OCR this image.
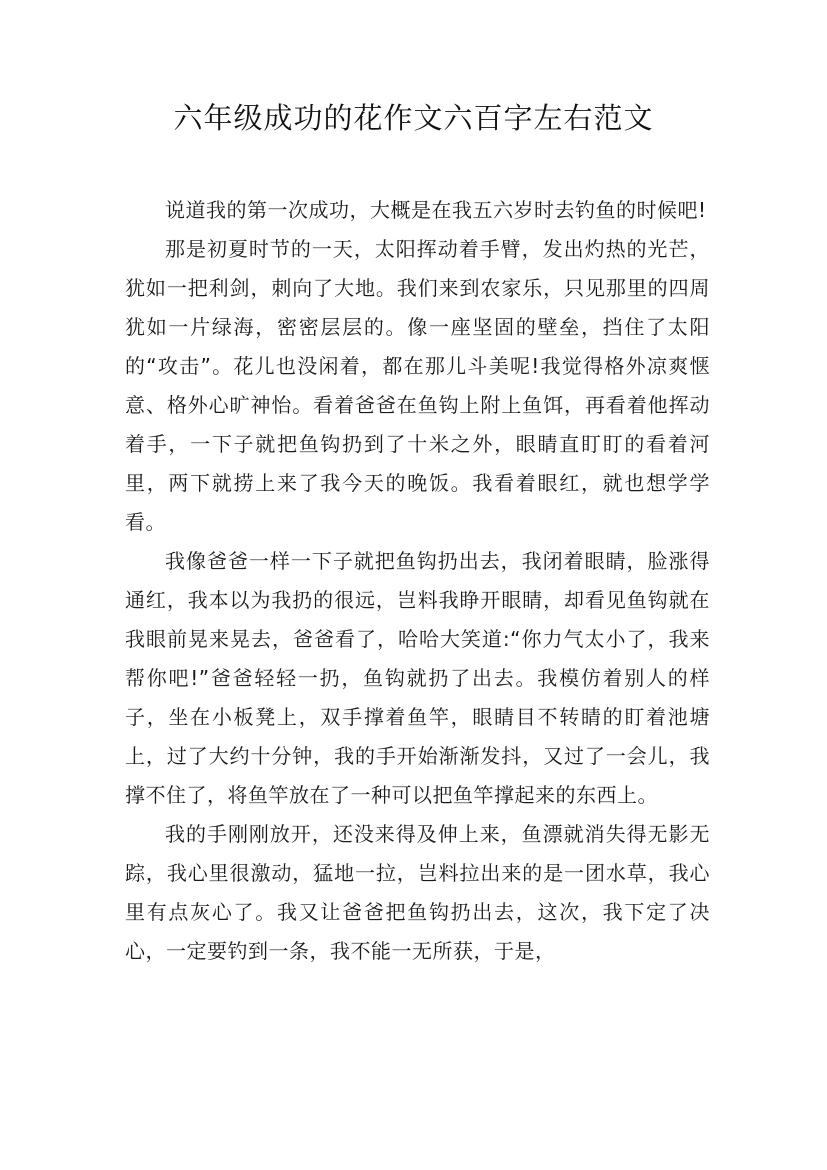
六年级成功的花作文六百字左右范文

说道我的第一次成功，大概是在我五六岁时去钓鱼的时候吧!

那是初夏时节的一天，太阳挥动着手臂，发出灼热的光芒，犹如一把利剑，刺向了大地。我们来到农家乐，只见那里的四周犹如一片绿海，密密层层的。像一座坚固的壁垒，挡住了太阳的“攻击”。花儿也没闲着，都在那儿斗美呢!我觉得格外凉爽惬意、格外心旷神怡。看着爸爸在鱼钩上附上鱼饵，再看着他挥动着手，一下子就把鱼钩扔到了十米之外，眼睛直盯盯的看着河里，两下就捞上来了我今天的晚饭。我看着眼红，就也想学学看。

我像爸爸一样一下子就把鱼钩扔出去，我闭着眼睛，脸涨得通红，我本以为我扔的很远，岂料我睁开眼睛，却看见鱼钩就在我眼前晃来晃去，爸爸看了，哈哈大笑道:“你力气太小了，我来帮你吧!”爸爸轻轻一扔，鱼钩就扔了出去。我模仿着别人的样子，坐在小板凳上，双手撑着鱼竿，眼睛目不转睛的盯着池塘上，过了大约十分钟，我的手开始渐渐发抖，又过了一会儿，我撑不住了，将鱼竿放在了一种可以把鱼竿撑起来的东西上。

我的手刚刚放开，还没来得及伸上来，鱼漂就消失得无影无踪，我心里很激动，猛地一拉，岂料拉出来的是一团水草，我心里有点灰心了。我又让爸爸把鱼钩扔出去，这次，我下定了决心，一定要钓到一条，我不能一无所获，于是，
